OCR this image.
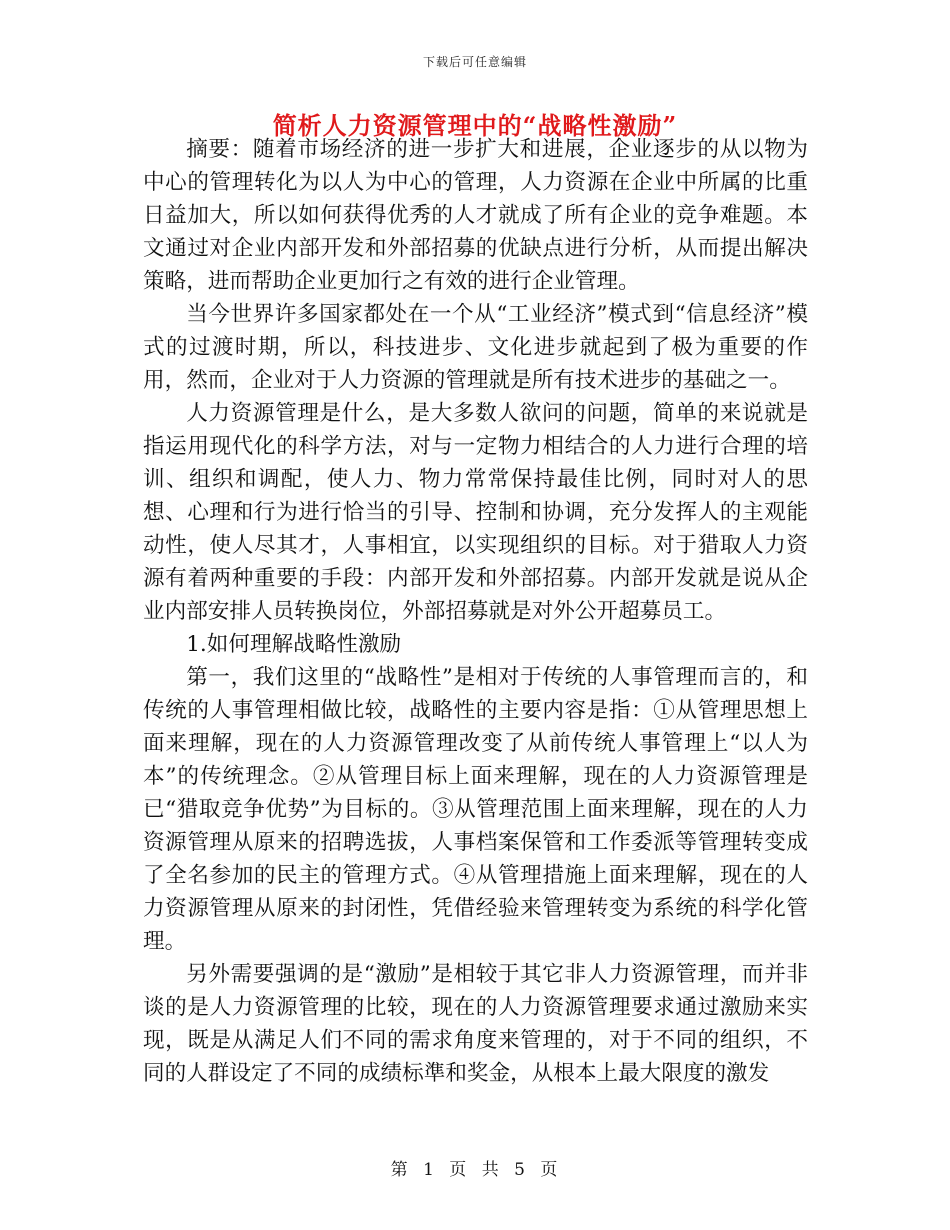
下载后可任意编辑
简析人力资源管理中的“战略性激励”

摘要：随着市场经济的进一步扩大和进展，企业逐步的从以物为中心的管理转化为以人为中心的管理，人力资源在企业中所属的比重日益加大，所以如何获得优秀的人才就成了所有企业的竞争难题。本文通过对企业内部开发和外部招募的优缺点进行分析，从而提出解决策略，进而帮助企业更加行之有效的进行企业管理。

当今世界许多国家都处在一个从“工业经济”模式到“信息经济”模式的过渡时期，所以，科技进步、文化进步就起到了极为重要的作用，然而，企业对于人力资源的管理就是所有技术进步的基础之一。

人力资源管理是什么，是大多数人欲问的问题，简单的来说就是指运用现代化的科学方法，对与一定物力相结合的人力进行合理的培训、组织和调配，使人力、物力常常保持最佳比例，同时对人的思想、心理和行为进行恰当的引导、控制和协调，充分发挥人的主观能动性，使人尽其才，人事相宜，以实现组织的目标。对于猎取人力资源有着两种重要的手段：内部开发和外部招募。内部开发就是说从企业内部安排人员转换岗位，外部招募就是对外公开超募员工。

1.如何理解战略性激励

第一，我们这里的“战略性”是相对于传统的人事管理而言的，和传统的人事管理相做比较，战略性的主要内容是指：①从管理思想上面来理解，现在的人力资源管理改变了从前传统人事管理上“以人为本”的传统理念。②从管理目标上面来理解，现在的人力资源管理是已“猎取竞争优势”为目标的。③从管理范围上面来理解，现在的人力资源管理从原来的招聘选拔，人事档案保管和工作委派等管理转变成了全名参加的民主的管理方式。④从管理措施上面来理解，现在的人力资源管理从原来的封闭性，凭借经验来管理转变为系统的科学化管理。

另外需要强调的是“激励”是相较于其它非人力资源管理，而并非谈的是人力资源管理的比较，现在的人力资源管理要求通过激励来实现，既是从满足人们不同的需求角度来管理的，对于不同的组织，不同的人群设定了不同的成绩标準和奖金，从根本上最大限度的激发

第 1 页 共 5 页
